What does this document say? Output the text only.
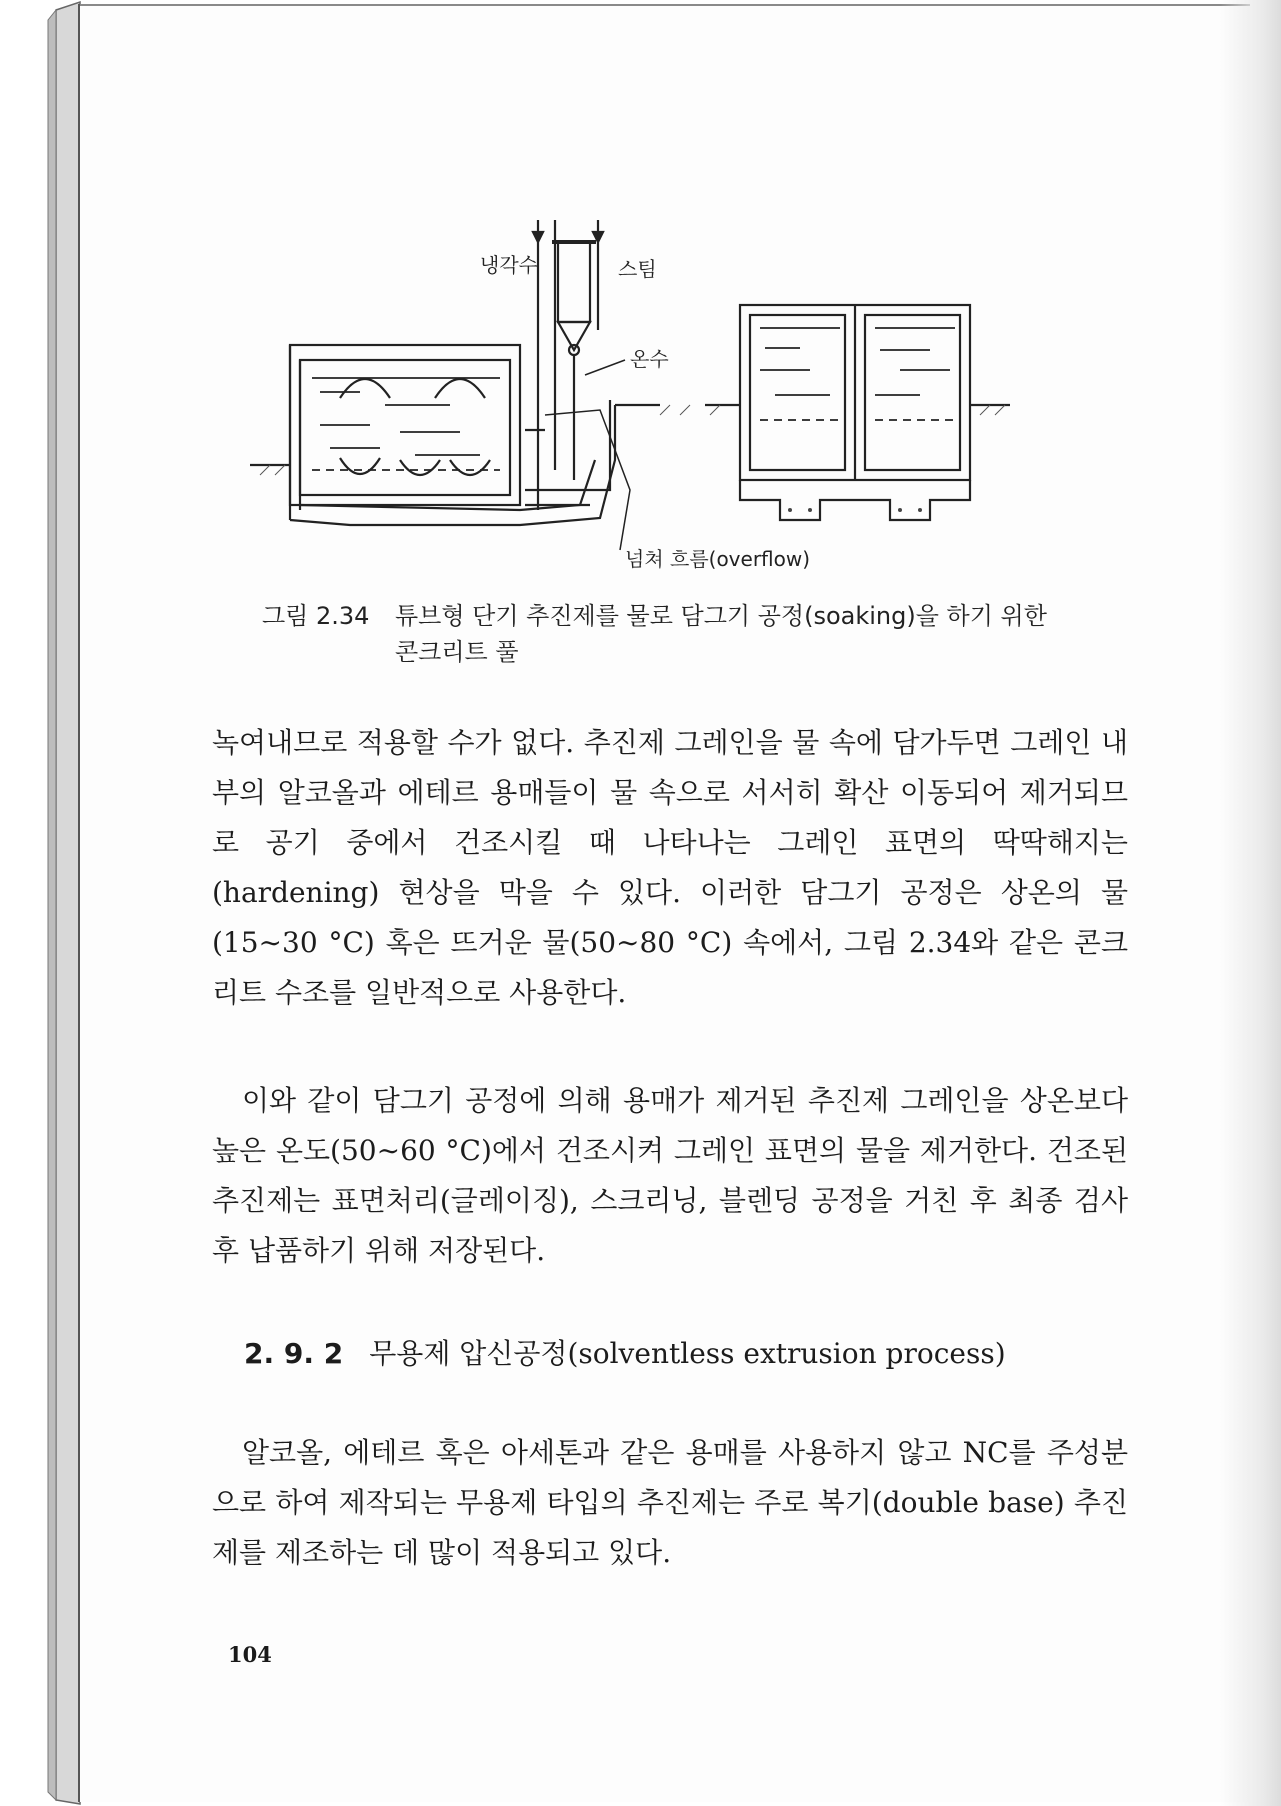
냉각수	스팀
온수
넘쳐 흐름(overflow)
그림 2.34 튜브형 단기 추진제를 물로 담그기 공정(soaking)을 하기 위한
콘크리트 풀
녹여내므로 적용할 수가 없다. 추진제 그레인을 물 속에 담가두면 그레인 내부의 알코올과 에테르 용매들이 물 속으로 서서히 확산 이동되어 제거되므로 공기 중에서 건조시킬 때 나타나는 그레인 표면의 딱딱해지는(hardening) 현상을 막을 수 있다. 이러한 담그기 공정은 상온의 물(15∼30 °C) 혹은 뜨거운 물(50∼80 °C) 속에서, 그림 2.34와 같은 콘크리트 수조를 일반적으로 사용한다.
이와 같이 담그기 공정에 의해 용매가 제거된 추진제 그레인을 상온보다 높은 온도(50∼60 °C)에서 건조시켜 그레인 표면의 물을 제거한다. 건조된 추진제는 표면처리(글레이징), 스크리닝, 블렌딩 공정을 거친 후 최종 검사 후 납품하기 위해 저장된다.
2. 9. 2 무용제 압신공정(solventless extrusion process)
알코올, 에테르 혹은 아세톤과 같은 용매를 사용하지 않고 NC를 주성분으로 하여 제작되는 무용제 타입의 추진제는 주로 복기(double base) 추진제를 제조하는 데 많이 적용되고 있다.
104
